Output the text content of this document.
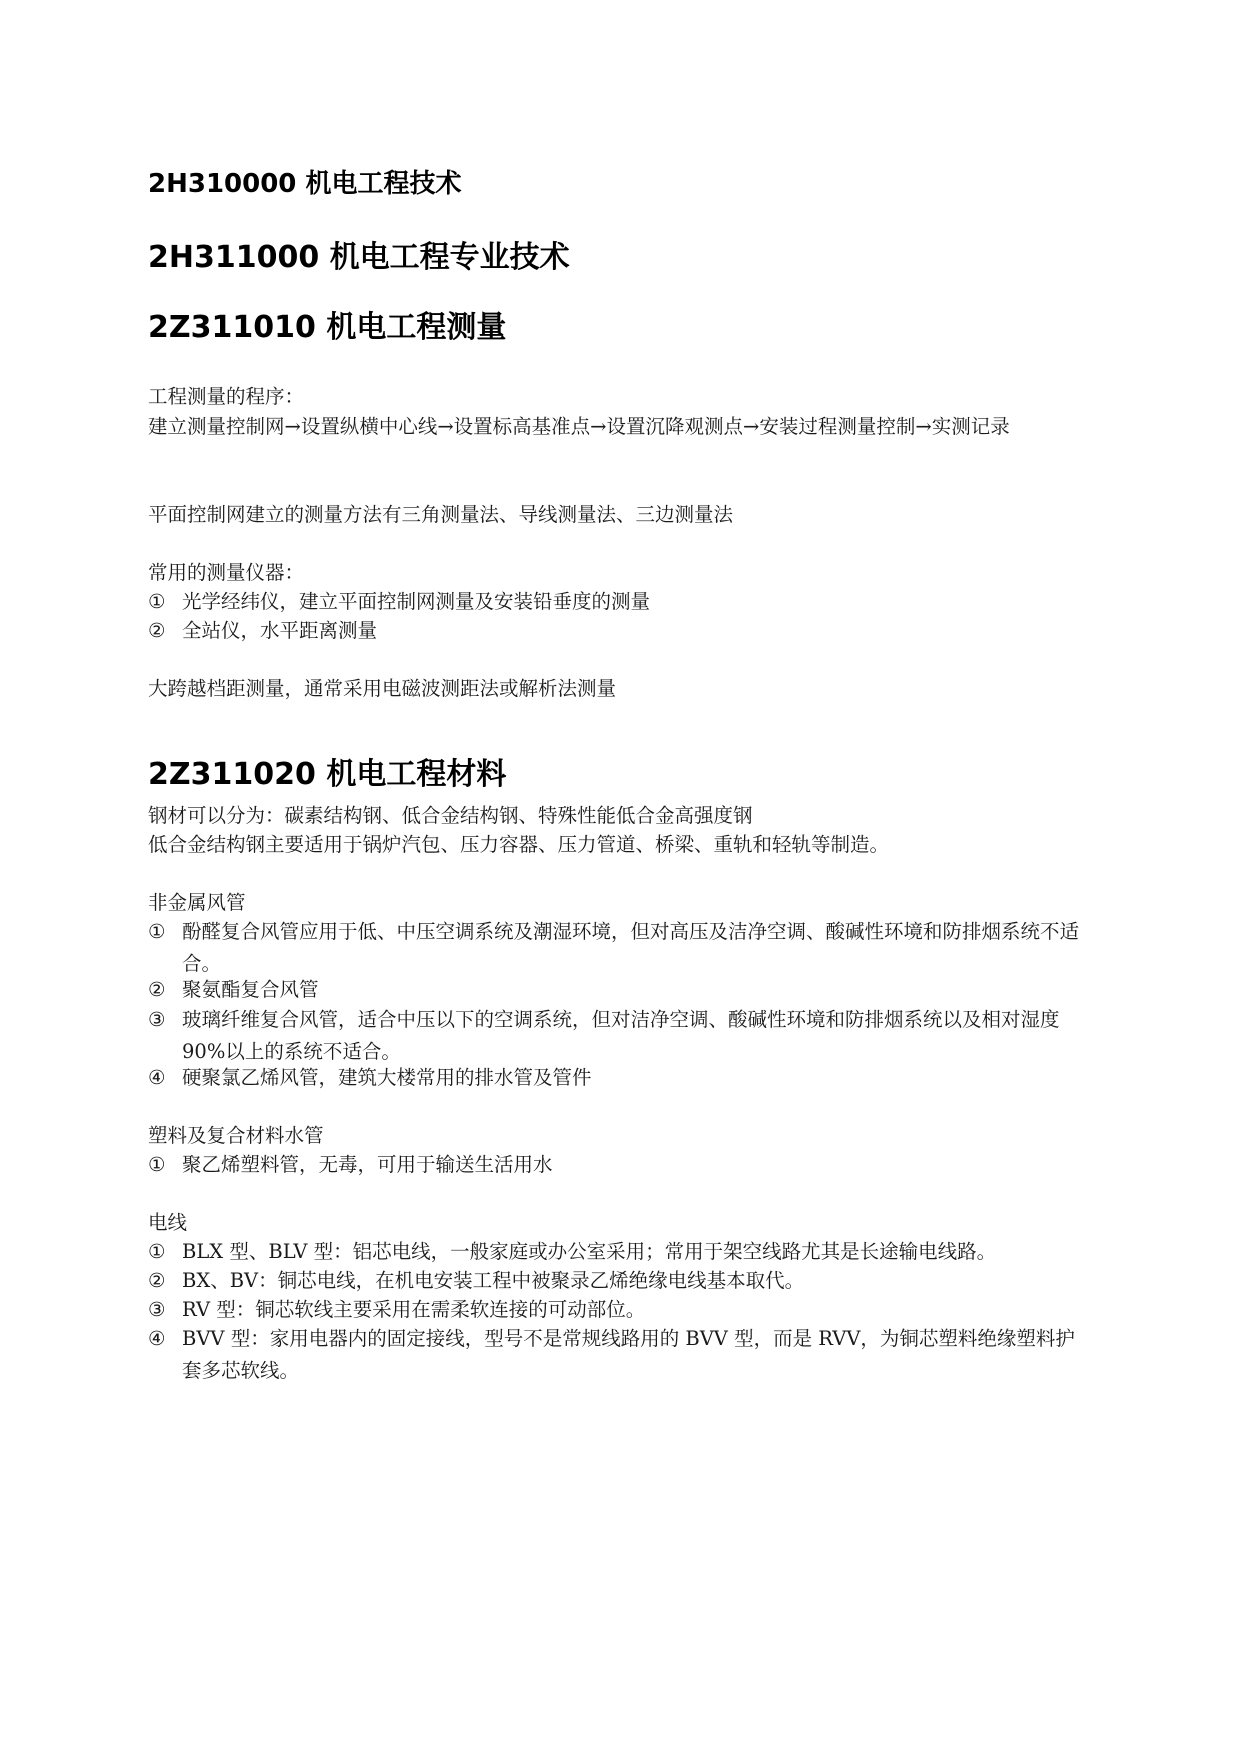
2H310000 机电工程技术
2H311000 机电工程专业技术
2Z311010 机电工程测量
工程测量的程序：
建立测量控制网→设置纵横中心线→设置标高基准点→设置沉降观测点→安装过程测量控制→实测记录
平面控制网建立的测量方法有三角测量法、导线测量法、三边测量法
常用的测量仪器：
① 光学经纬仪，建立平面控制网测量及安装铅垂度的测量
② 全站仪，水平距离测量
大跨越档距测量，通常采用电磁波测距法或解析法测量
2Z311020 机电工程材料
钢材可以分为：碳素结构钢、低合金结构钢、特殊性能低合金高强度钢
低合金结构钢主要适用于锅炉汽包、压力容器、压力管道、桥梁、重轨和轻轨等制造。
非金属风管
① 酚醛复合风管应用于低、中压空调系统及潮湿环境，但对高压及洁净空调、酸碱性环境和防排烟系统不适合。
② 聚氨酯复合风管
③ 玻璃纤维复合风管，适合中压以下的空调系统，但对洁净空调、酸碱性环境和防排烟系统以及相对湿度 90%以上的系统不适合。
④ 硬聚氯乙烯风管，建筑大楼常用的排水管及管件
塑料及复合材料水管
① 聚乙烯塑料管，无毒，可用于输送生活用水
电线
① BLX 型、BLV 型：铝芯电线，一般家庭或办公室采用；常用于架空线路尤其是长途输电线路。
② BX、BV：铜芯电线，在机电安装工程中被聚录乙烯绝缘电线基本取代。
③ RV 型：铜芯软线主要采用在需柔软连接的可动部位。
④ BVV 型：家用电器内的固定接线，型号不是常规线路用的 BVV 型，而是 RVV，为铜芯塑料绝缘塑料护套多芯软线。
